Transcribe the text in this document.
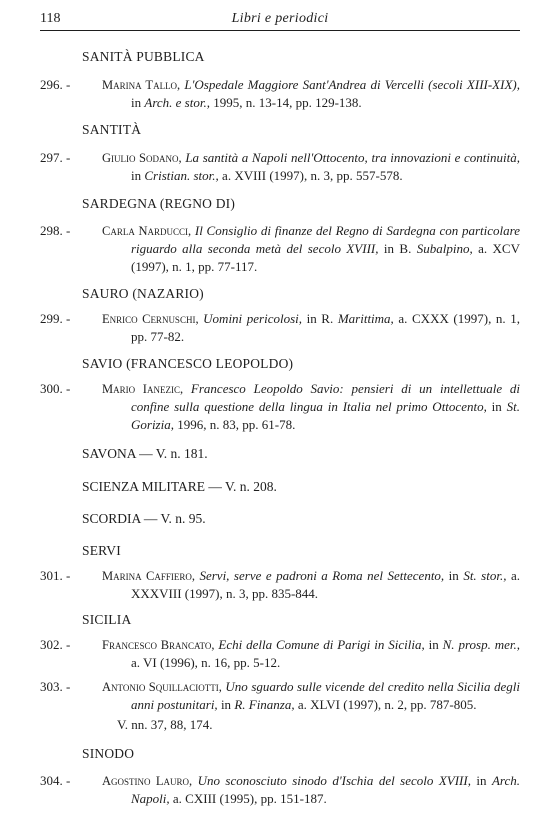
118	Libri e periodici
SANITÀ PUBBLICA
296. -	Marina Tallo, L'Ospedale Maggiore Sant'Andrea di Vercelli (secoli XIII-XIX), in Arch. e stor., 1995, n. 13-14, pp. 129-138.
SANTITÀ
297. -	Giulio Sodano, La santità a Napoli nell'Ottocento, tra innovazioni e continuità, in Cristian. stor., a. XVIII (1997), n. 3, pp. 557-578.
SARDEGNA (REGNO DI)
298. -	Carla Narducci, Il Consiglio di finanze del Regno di Sardegna con particolare riguardo alla seconda metà del secolo XVIII, in B. Subalpino, a. XCV (1997), n. 1, pp. 77-117.
SAURO (NAZARIO)
299. -	Enrico Cernuschi, Uomini pericolosi, in R. Marittima, a. CXXX (1997), n. 1, pp. 77-82.
SAVIO (FRANCESCO LEOPOLDO)
300. -	Mario Ianezic, Francesco Leopoldo Savio: pensieri di un intellettuale di confine sulla questione della lingua in Italia nel primo Ottocento, in St. Gorizia, 1996, n. 83, pp. 61-78.
SAVONA — V. n. 181.
SCIENZA MILITARE — V. n. 208.
SCORDIA — V. n. 95.
SERVI
301. -	Marina Caffiero, Servi, serve e padroni a Roma nel Settecento, in St. stor., a. XXXVIII (1997), n. 3, pp. 835-844.
SICILIA
302. -	Francesco Brancato, Echi della Comune di Parigi in Sicilia, in N. prosp. mer., a. VI (1996), n. 16, pp. 5-12.
303. -	Antonio Squillaciotti, Uno sguardo sulle vicende del credito nella Sicilia degli anni postunitari, in R. Finanza, a. XLVI (1997), n. 2, pp. 787-805.
V. nn. 37, 88, 174.
SINODO
304. -	Agostino Lauro, Uno sconosciuto sinodo d'Ischia del secolo XVIII, in Arch. Napoli, a. CXIII (1995), pp. 151-187.
